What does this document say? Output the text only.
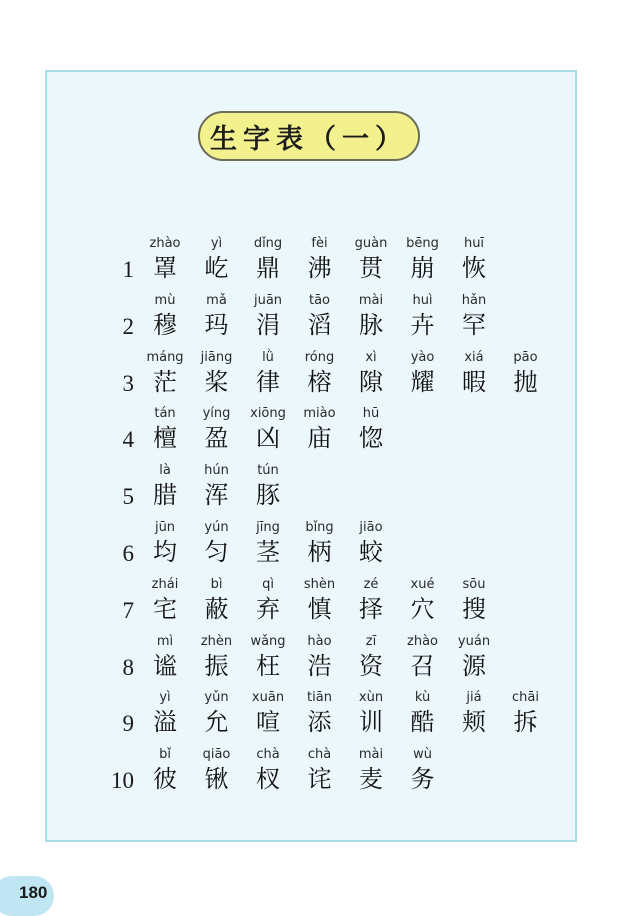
生字表（一）
1
zhào
罩
yì
屹
dǐng
鼎
fèi
沸
guàn
贯
bēng
崩
huī
恢
2
mù
穆
mǎ
玛
juān
涓
tāo
滔
mài
脉
huì
卉
hǎn
罕
3
máng
茫
jiāng
桨
lǜ
律
róng
榕
xì
隙
yào
耀
xiá
暇
pāo
抛
4
tán
檀
yíng
盈
xiōng
凶
miào
庙
hū
惚
5
là
腊
hún
浑
tún
豚
6
jūn
均
yún
匀
jīng
茎
bǐng
柄
jiāo
蛟
7
zhái
宅
bì
蔽
qì
弃
shèn
慎
zé
择
xué
穴
sōu
搜
8
mì
谧
zhèn
振
wǎng
枉
hào
浩
zī
资
zhào
召
yuán
源
9
yì
溢
yǔn
允
xuān
喧
tiān
添
xùn
训
kù
酷
jiá
颊
chāi
拆
10
bǐ
彼
qiāo
锹
chà
杈
chà
诧
mài
麦
wù
务
180
